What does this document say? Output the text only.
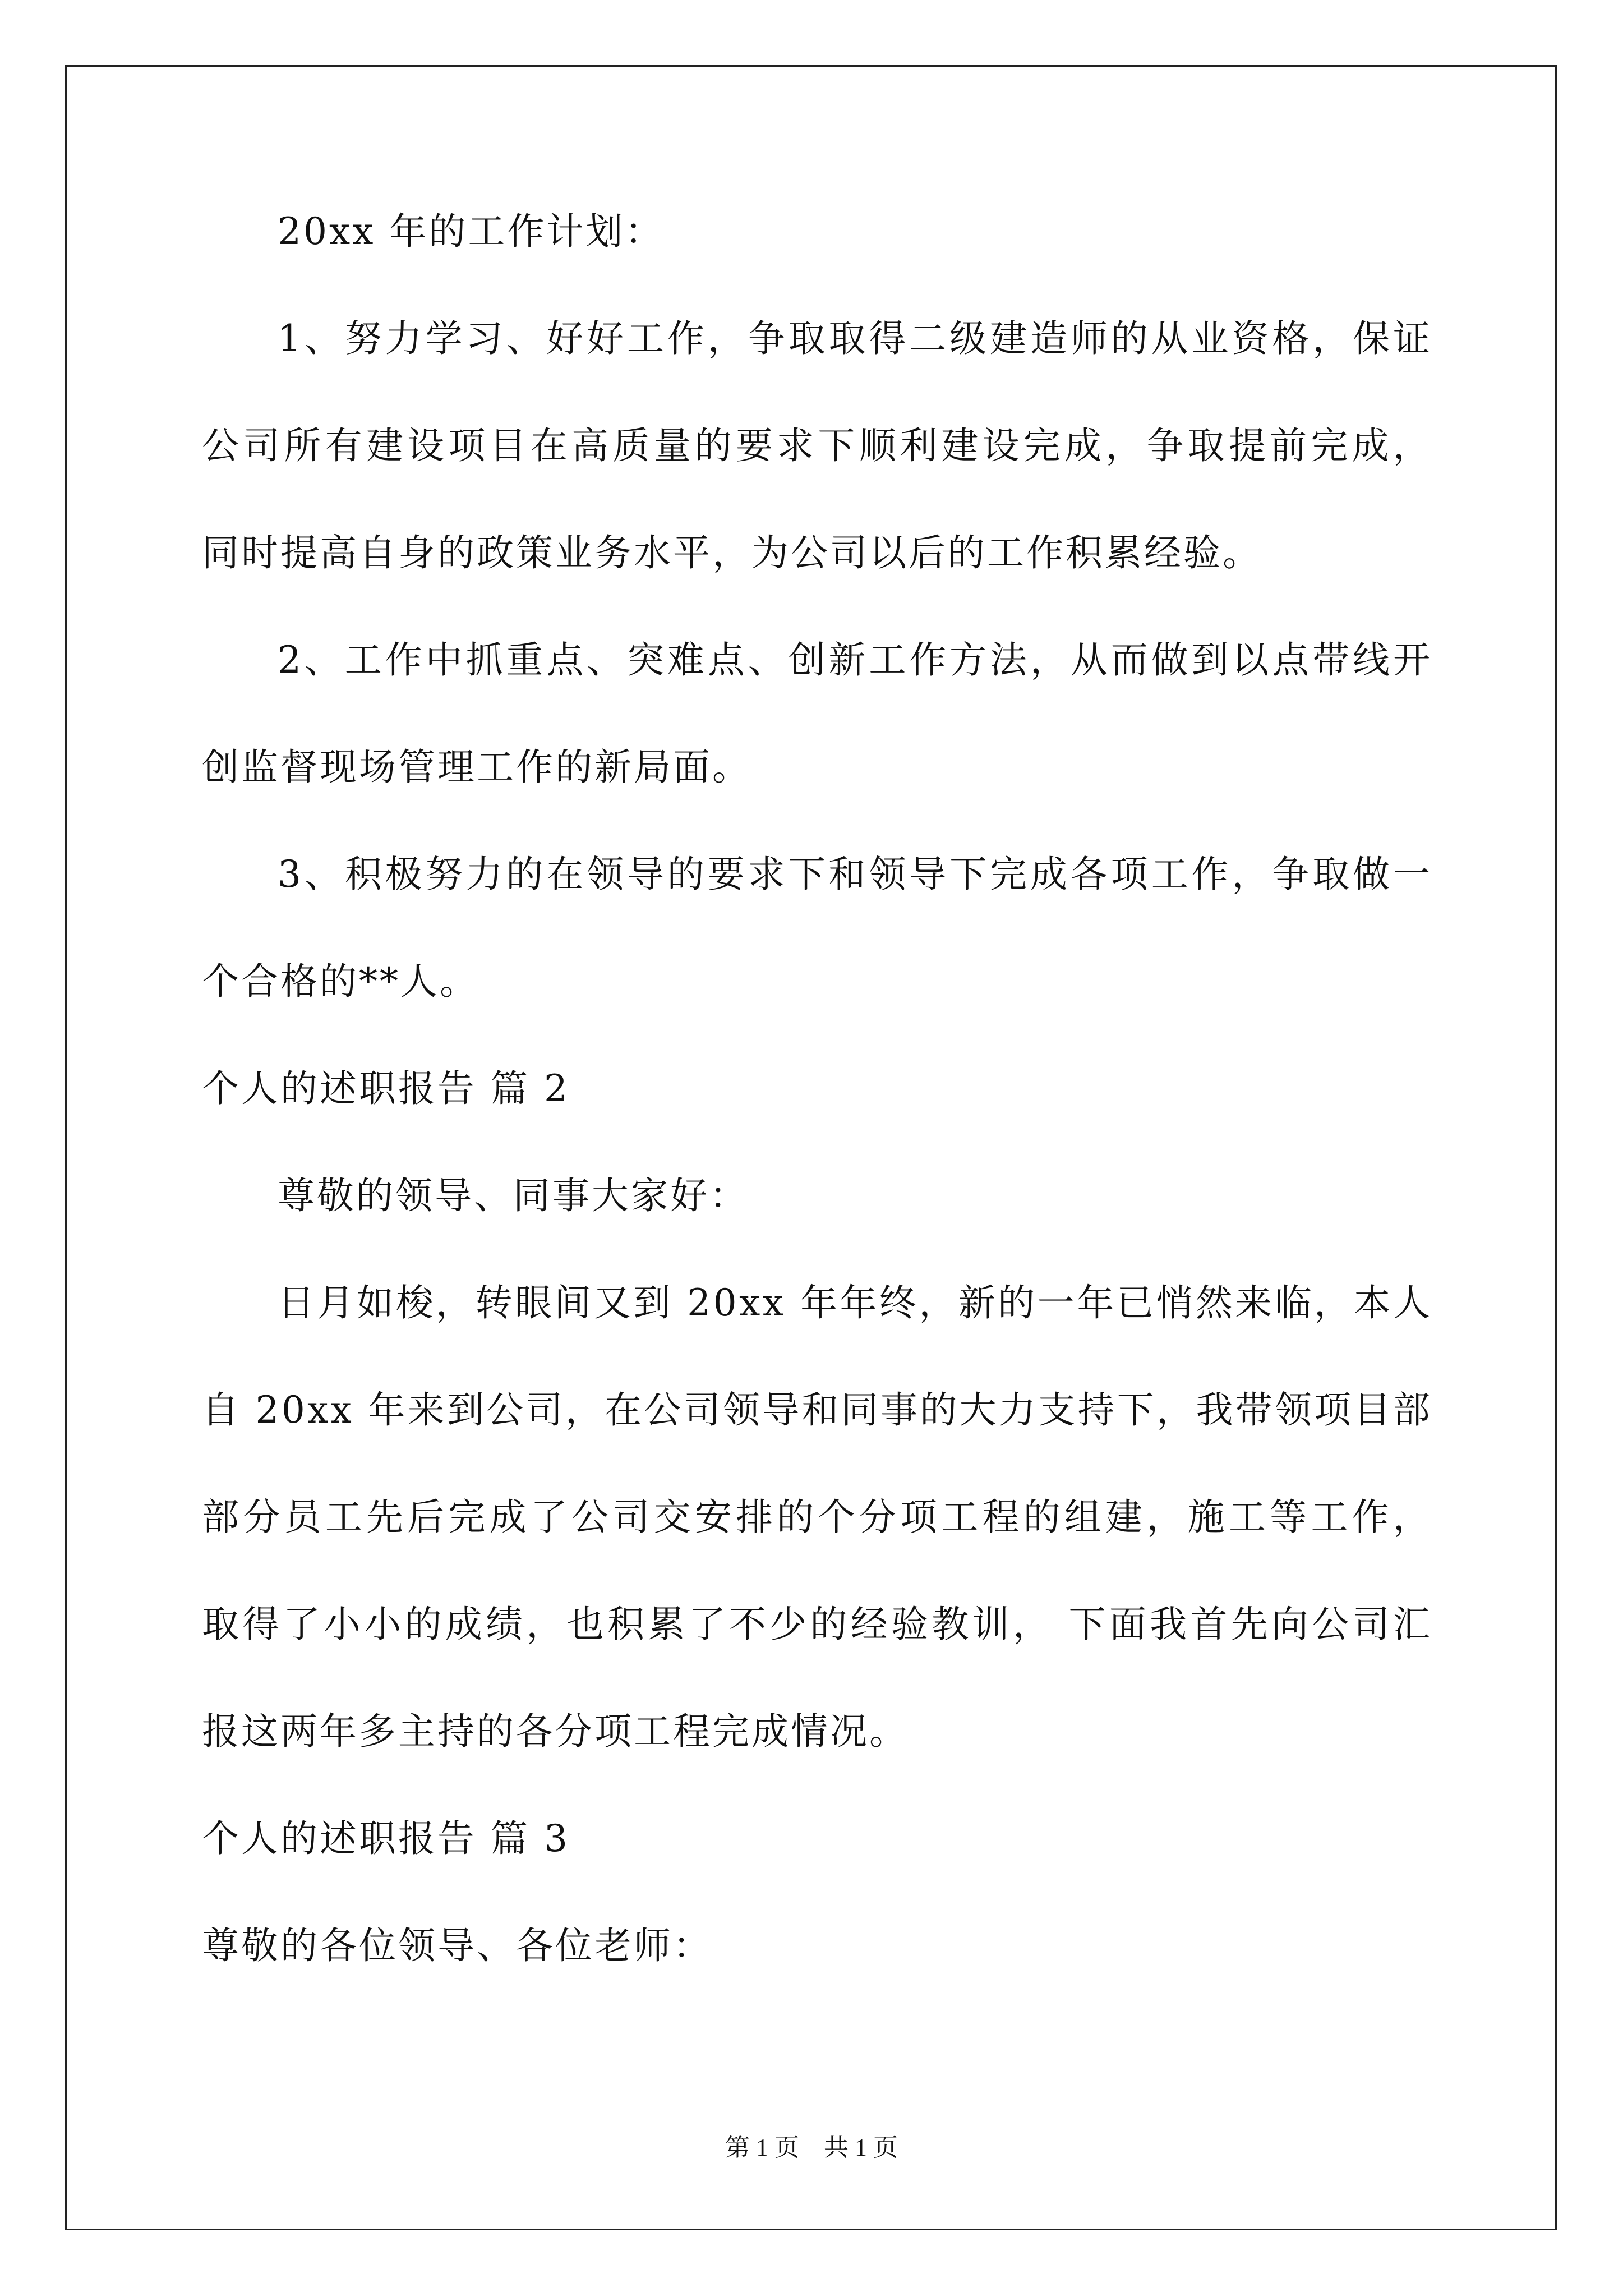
20xx 年的工作计划：
1 、 努 力 学 习 、 好 好 工 作 ， 争 取 取 得 二 级 建 造 师 的 从 业 资 格 ， 保 证
公 司 所 有 建 设 项 目 在 高 质 量 的 要 求 下 顺 利 建 设 完 成 ， 争 取 提 前 完 成 ，
同时提高自身的政策业务水平，为公司以后的工作积累经验。
2 、 工 作 中 抓 重 点 、 突 难 点 、 创 新 工 作 方 法 ， 从 而 做 到 以 点 带 线 开
创监督现场管理工作的新局面。
3 、 积 极 努 力 的 在 领 导 的 要 求 下 和 领 导 下 完 成 各 项 工 作 ， 争 取 做 一
个合格的**人。
个人的述职报告 篇 2
尊敬的领导、同事大家好：
日 月 如 梭 ， 转 眼 间 又 到
2 0 x x
年 年 终 ， 新 的 一 年 已 悄 然 来 临 ， 本 人
自
2 0 x x
年 来 到 公 司 ， 在 公 司 领 导 和 同 事 的 大 力 支 持 下 ， 我 带 领 项 目 部
部 分 员 工 先 后 完 成 了 公 司 交 安 排 的 个 分 项 工 程 的 组 建 ， 施 工 等 工 作 ，
取 得 了 小 小 的 成 绩 ， 也 积 累 了 不 少 的 经 验 教 训 ，
下 面 我 首 先 向 公 司 汇
报这两年多主持的各分项工程完成情况。
个人的述职报告 篇 3
尊敬的各位领导、各位老师：
第 1 页　共 1 页
